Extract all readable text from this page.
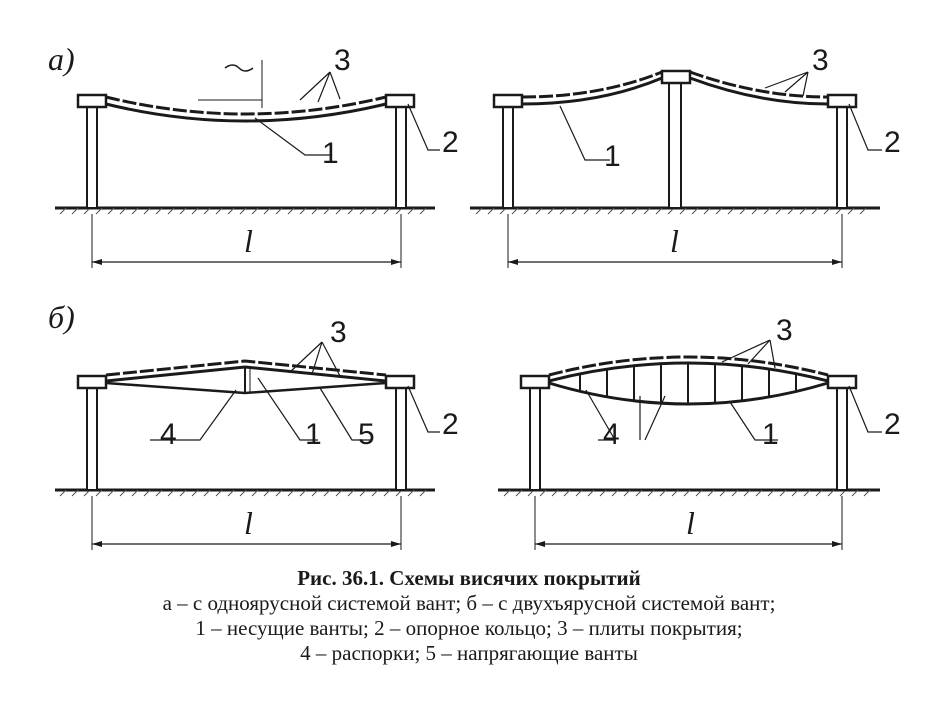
а)	3
1	2
l
3
1	2
l
б)	3
4	1 5 2
l
3
4	1	2
l
Рис. 36.1. Схемы висячих покрытий
а – с одноярусной системой вант; б – с двухъярусной системой вант;
1 – несущие ванты; 2 – опорное кольцо; 3 – плиты покрытия;
4 – распорки; 5 – напрягающие ванты
